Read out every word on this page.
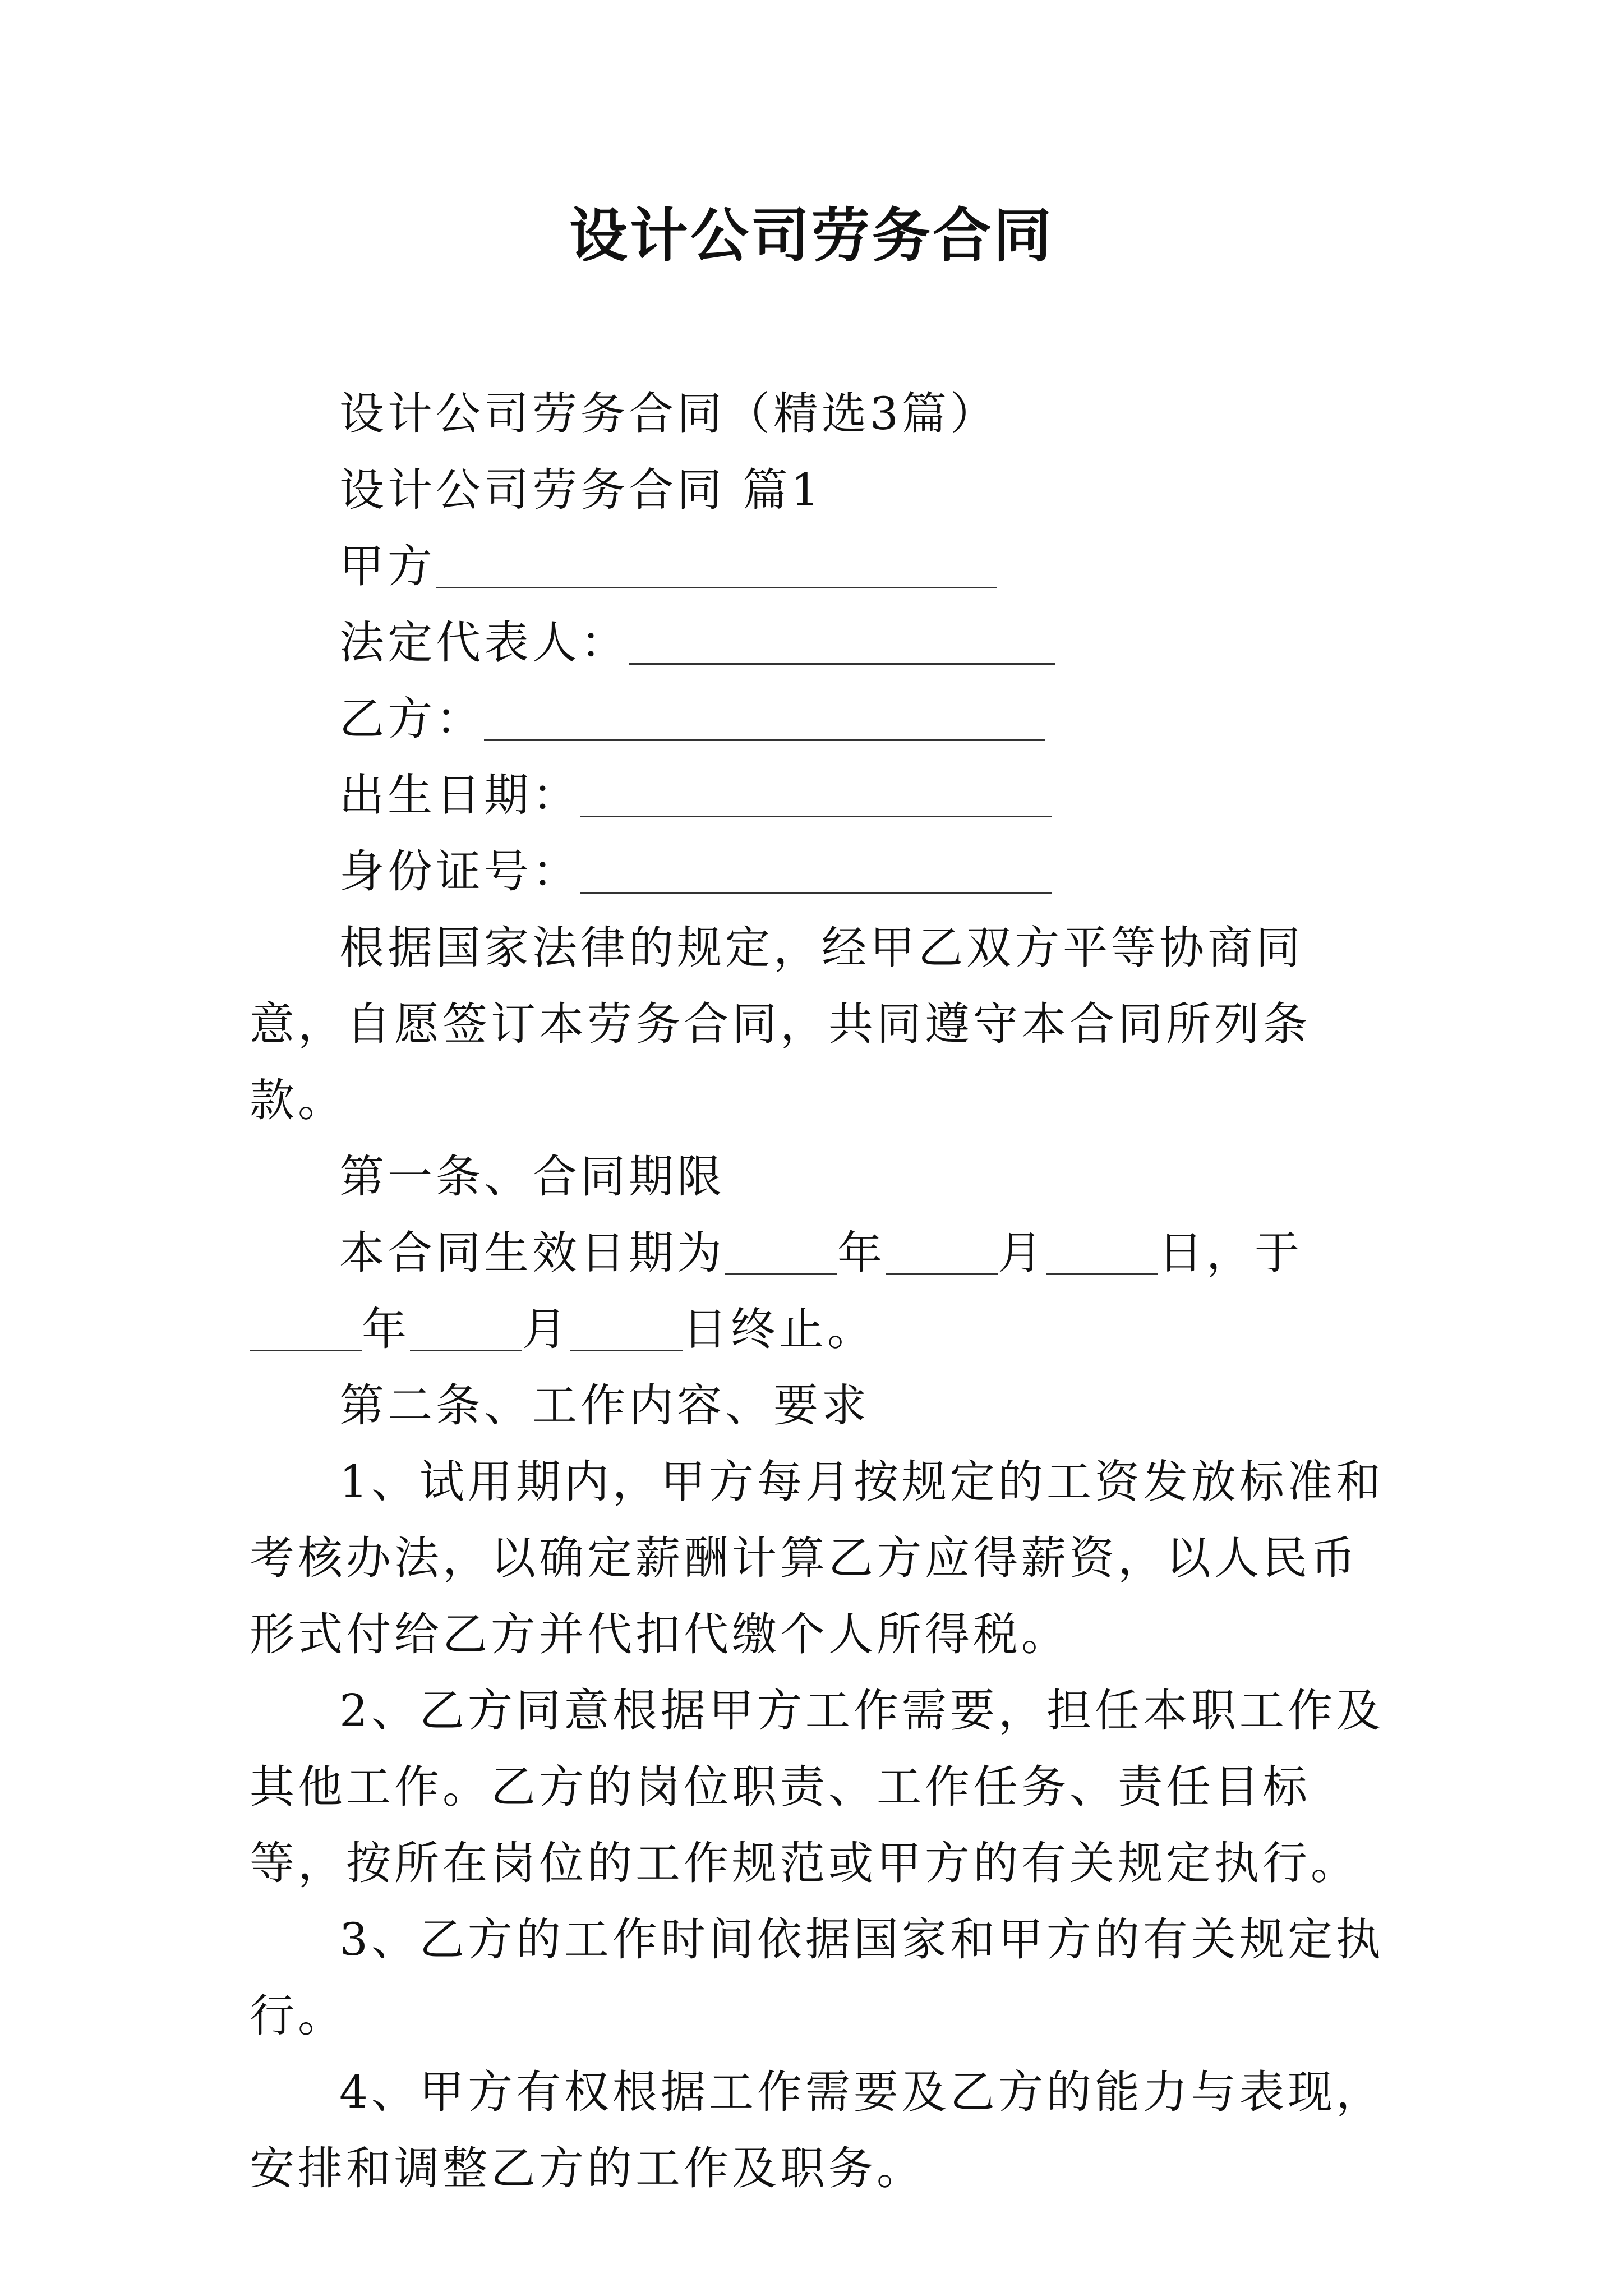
设计公司劳务合同

设计公司劳务合同（精选3篇）

设计公司劳务合同 篇1

甲方

法定代表人：

乙方：

出生日期：

身份证号：

根据国家法律的规定，经甲乙双方平等协商同意，自愿签订本劳务合同，共同遵守本合同所列条款。

第一条、合同期限

本合同生效日期为	年	月	日，于年	月	日终止。

第二条、工作内容、要求

1、试用期内，甲方每月按规定的工资发放标准和考核办法，以确定薪酬计算乙方应得薪资，以人民币形式付给乙方并代扣代缴个人所得税。

2、乙方同意根据甲方工作需要，担任本职工作及其他工作。乙方的岗位职责、工作任务、责任目标等，按所在岗位的工作规范或甲方的有关规定执行。

3、乙方的工作时间依据国家和甲方的有关规定执行。

4、甲方有权根据工作需要及乙方的能力与表现，安排和调整乙方的工作及职务。
